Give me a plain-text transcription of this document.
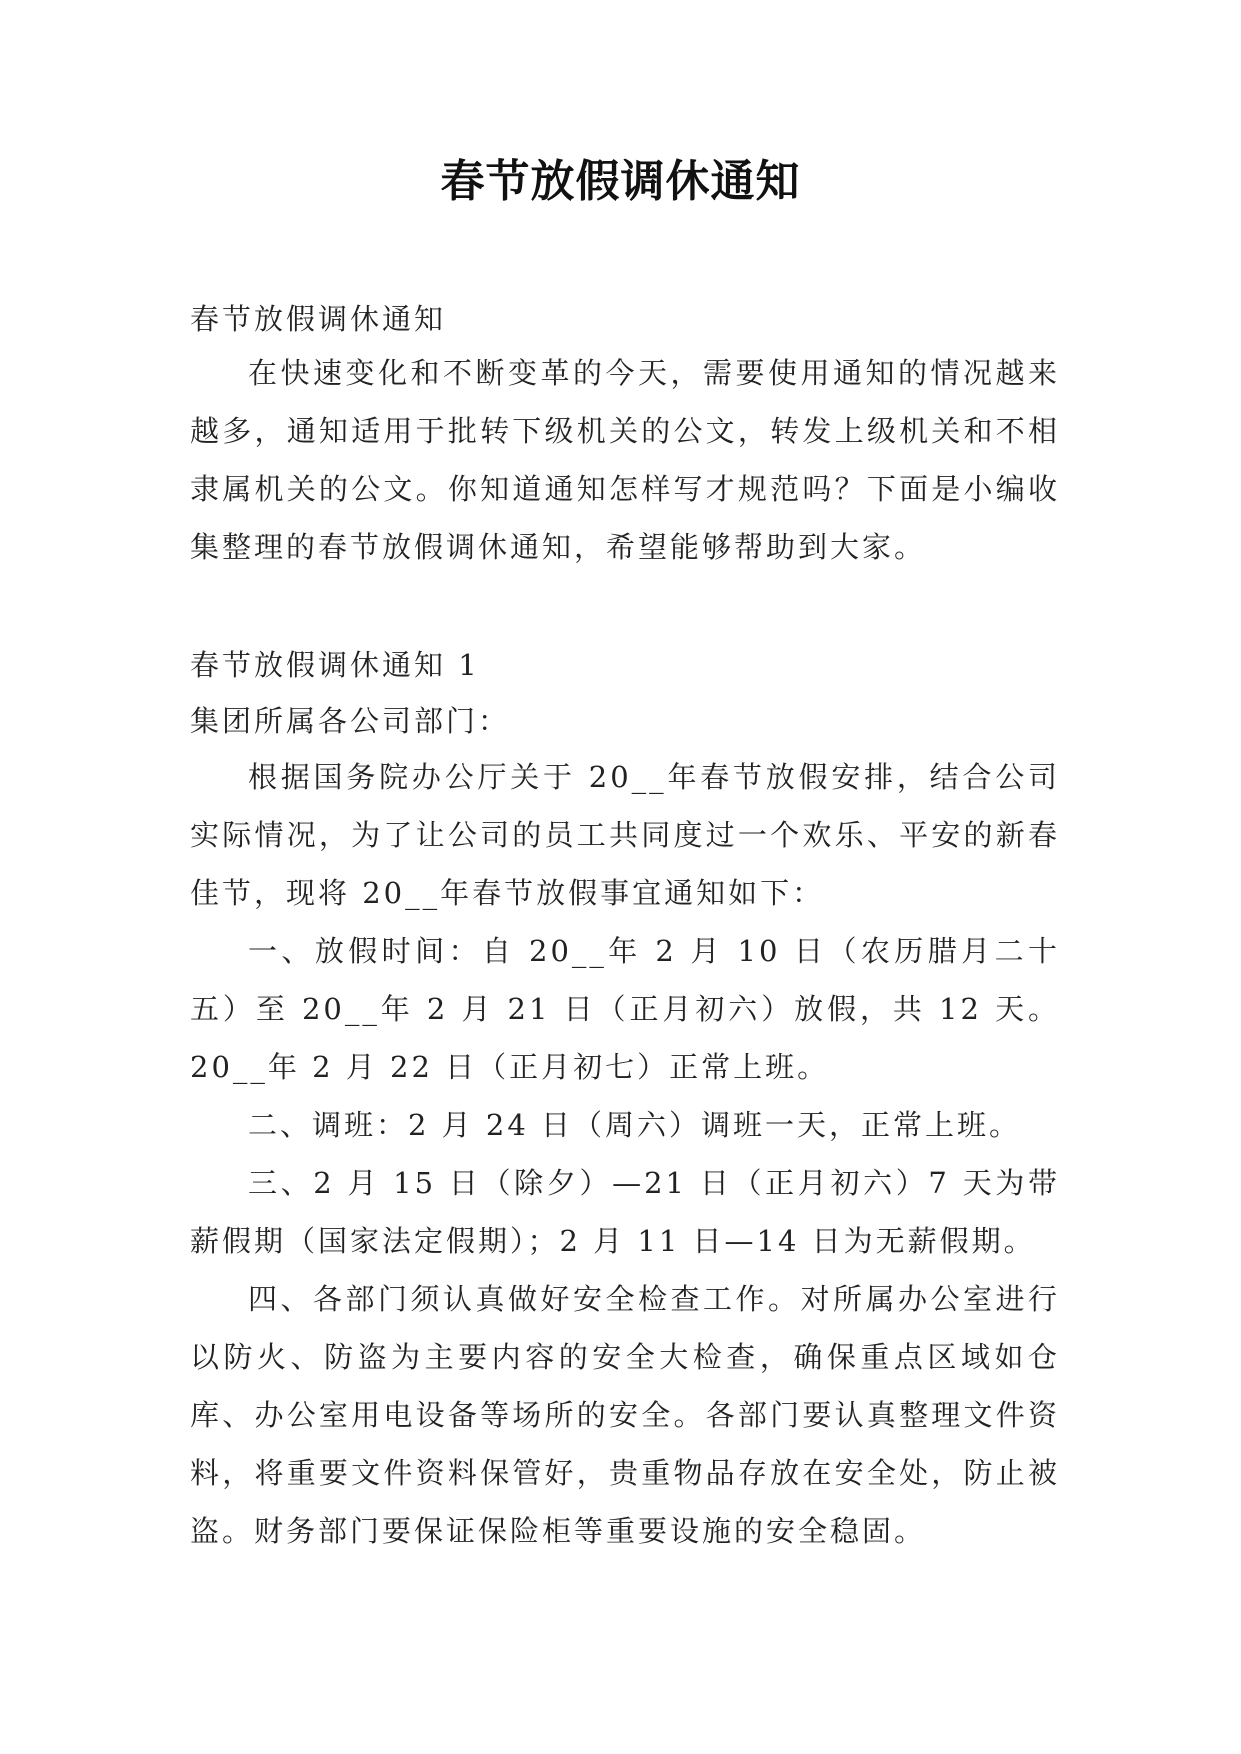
春节放假调休通知
春节放假调休通知

在快速变化和不断变革的今天，需要使用通知的情况越来越多，通知适用于批转下级机关的公文，转发上级机关和不相隶属机关的公文。你知道通知怎样写才规范吗？下面是小编收集整理的春节放假调休通知，希望能够帮助到大家。

春节放假调休通知 1
集团所属各公司部门：

根据国务院办公厅关于 20__年春节放假安排，结合公司实际情况，为了让公司的员工共同度过一个欢乐、平安的新春佳节，现将 20__年春节放假事宜通知如下：

一、放假时间：自 20__年 2 月 10 日（农历腊月二十五）至 20__年 2 月 21 日（正月初六）放假，共 12 天。20__年 2 月 22 日（正月初七）正常上班。

二、调班：2 月 24 日（周六）调班一天，正常上班。

三、2 月 15 日（除夕）—21 日（正月初六）7 天为带薪假期（国家法定假期）；2 月 11 日—14 日为无薪假期。

四、各部门须认真做好安全检查工作。对所属办公室进行以防火、防盗为主要内容的安全大检查，确保重点区域如仓库、办公室用电设备等场所的安全。各部门要认真整理文件资料，将重要文件资料保管好，贵重物品存放在安全处，防止被盗。财务部门要保证保险柜等重要设施的安全稳固。
